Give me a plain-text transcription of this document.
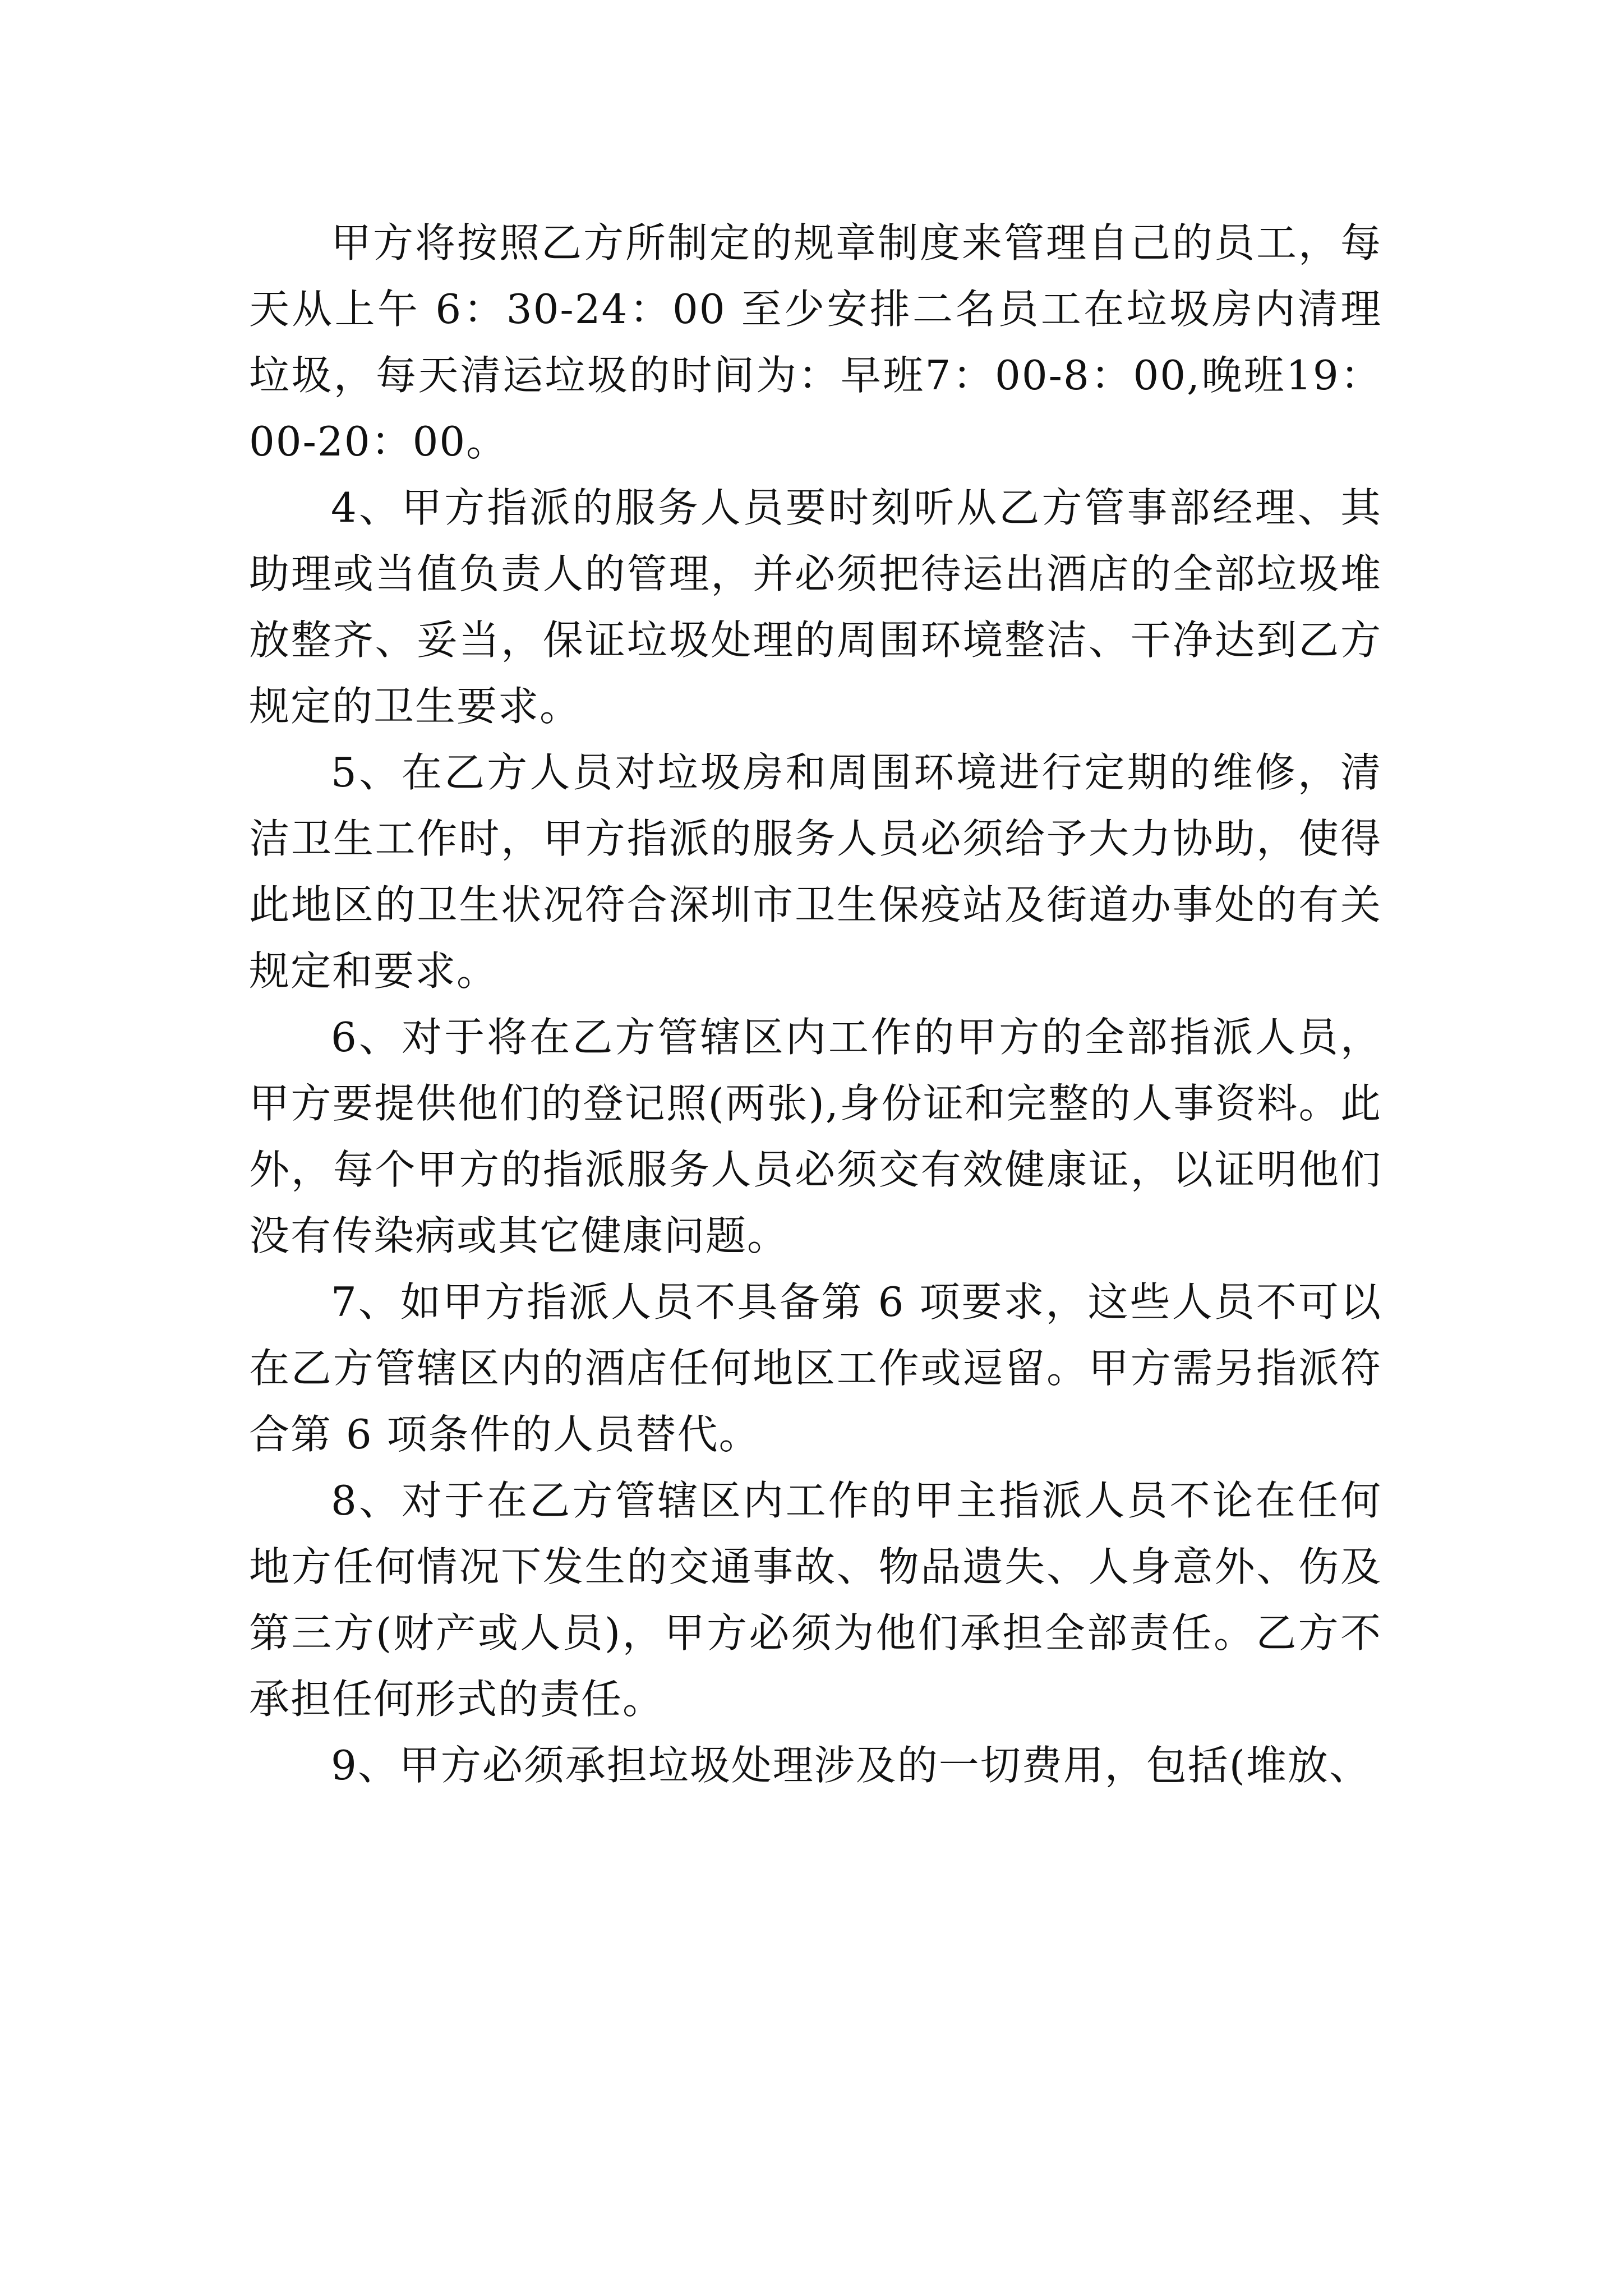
甲方将按照乙方所制定的规章制度来管理自己的员工，每天从上午 6：30-24：00 至少安排二名员工在垃圾房内清理垃圾，每天清运垃圾的时间为：早班7：00-8：00,晚班19：00-20：00。

4、甲方指派的服务人员要时刻听从乙方管事部经理、其助理或当值负责人的管理，并必须把待运出酒店的全部垃圾堆放整齐、妥当，保证垃圾处理的周围环境整洁、干净达到乙方规定的卫生要求。

5、在乙方人员对垃圾房和周围环境进行定期的维修，清洁卫生工作时，甲方指派的服务人员必须给予大力协助，使得此地区的卫生状况符合深圳市卫生保疫站及街道办事处的有关规定和要求。

6、对于将在乙方管辖区内工作的甲方的全部指派人员，甲方要提供他们的登记照(两张),身份证和完整的人事资料。此外，每个甲方的指派服务人员必须交有效健康证，以证明他们没有传染病或其它健康问题。

7、如甲方指派人员不具备第 6 项要求，这些人员不可以在乙方管辖区内的酒店任何地区工作或逗留。甲方需另指派符合第 6 项条件的人员替代。

8、对于在乙方管辖区内工作的甲主指派人员不论在任何地方任何情况下发生的交通事故、物品遗失、人身意外、伤及第三方(财产或人员)，甲方必须为他们承担全部责任。乙方不承担任何形式的责任。

9、甲方必须承担垃圾处理涉及的一切费用，包括(堆放、
